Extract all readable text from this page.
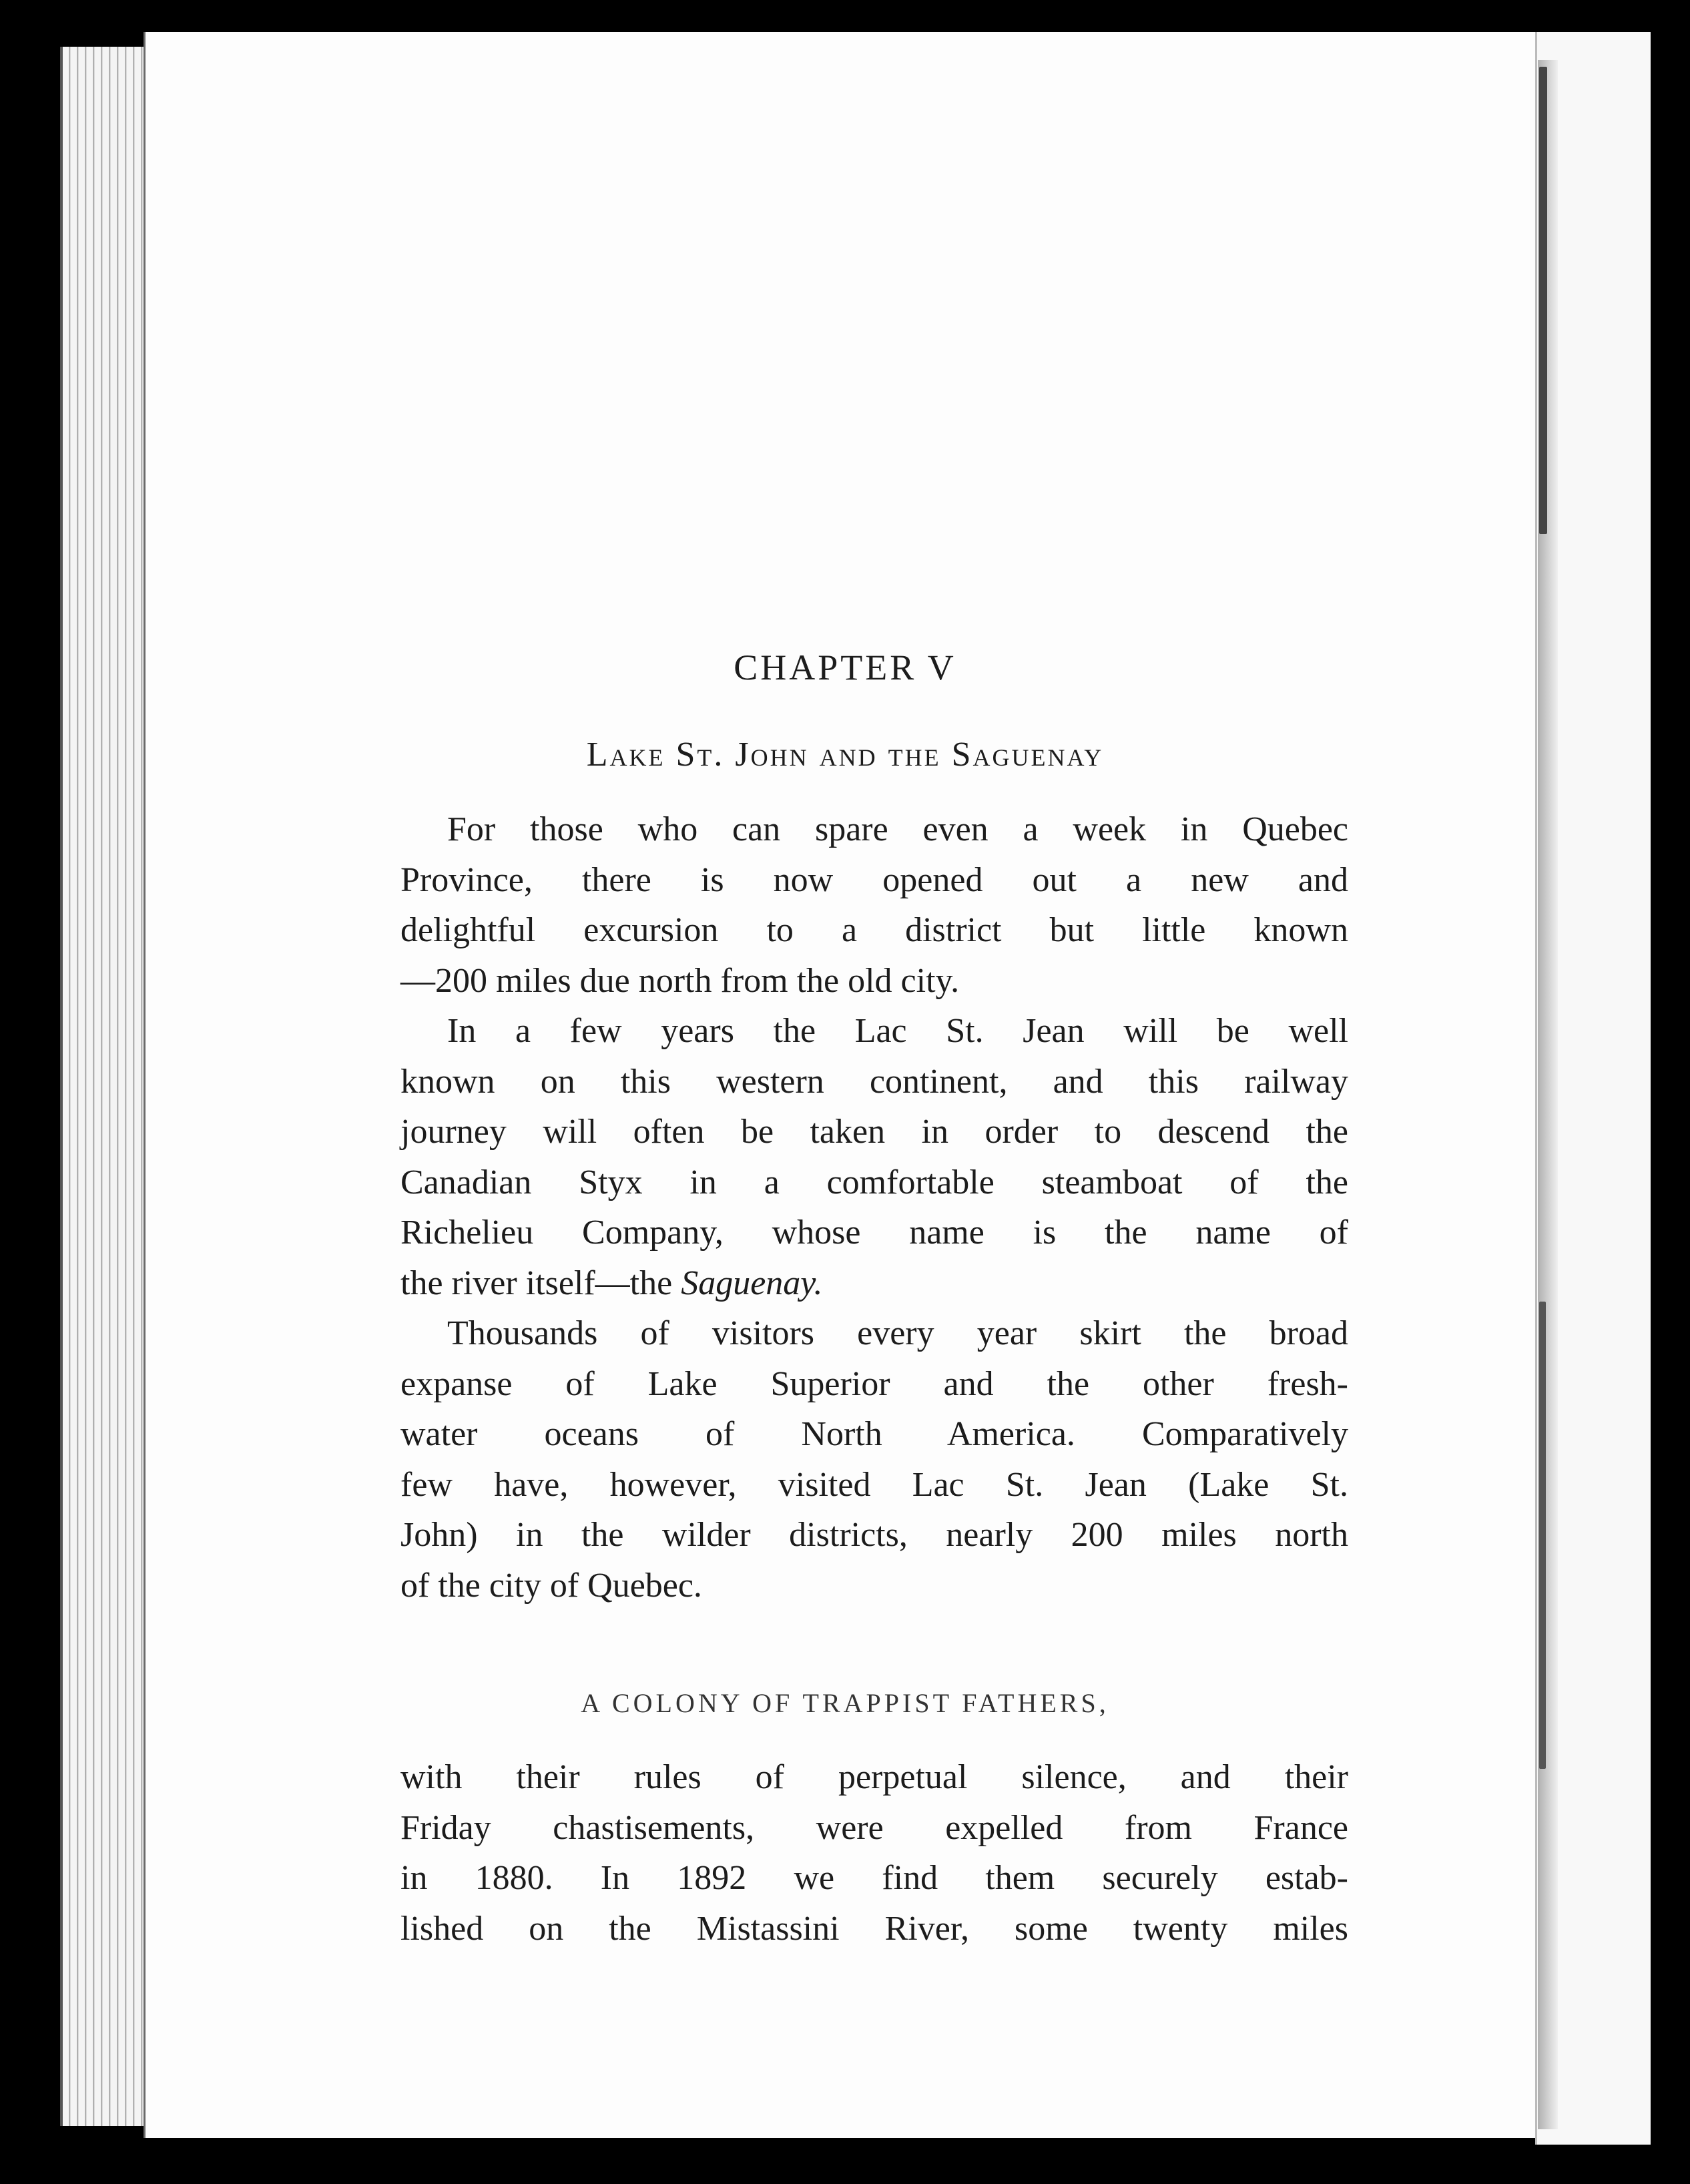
CHAPTER V
Lake St. John and the Saguenay

For those who can spare even a week in Quebec

Province, there is now opened out a new and

delightful excursion to a district but little known

—200 miles due north from the old city.

In a few years the Lac St. Jean will be well

known on this western continent, and this railway

journey will often be taken in order to descend the

Canadian Styx in a comfortable steamboat of the

Richelieu Company, whose name is the name of

the river itself—the Saguenay.

Thousands of visitors every year skirt the broad

expanse of Lake Superior and the other fresh-

water oceans of North America. Comparatively

few have, however, visited Lac St. Jean (Lake St.

John) in the wilder districts, nearly 200 miles north

of the city of Quebec.

A COLONY OF TRAPPIST FATHERS,

with their rules of perpetual silence, and their

Friday chastisements, were expelled from France

in 1880. In 1892 we find them securely estab-

lished on the Mistassini River, some twenty miles
